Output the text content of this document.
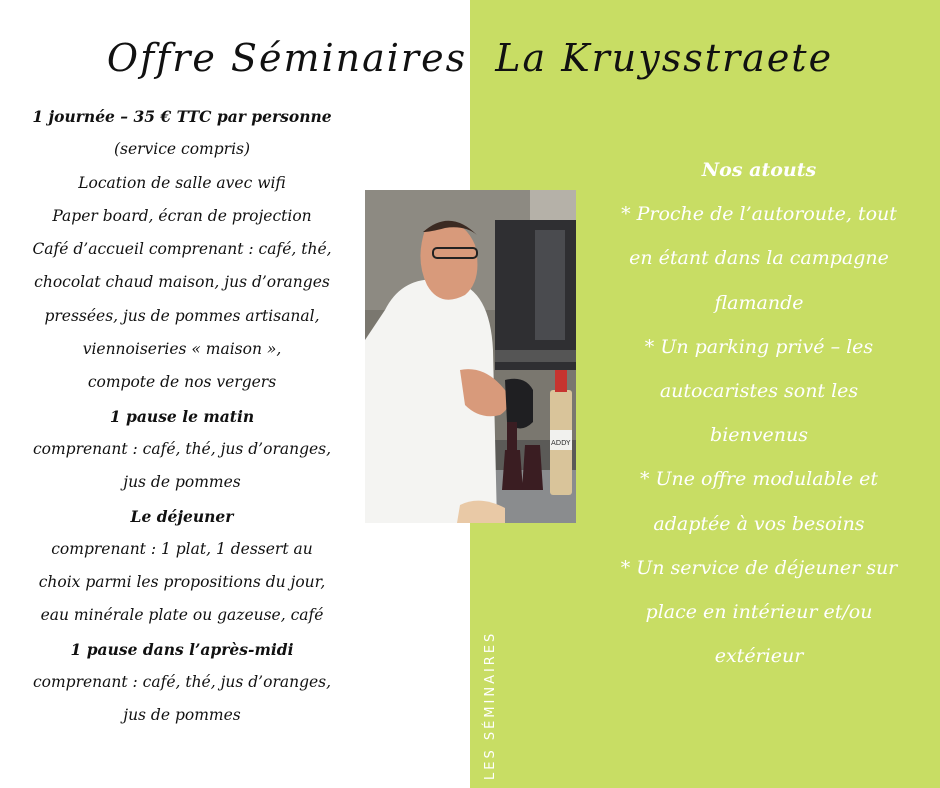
Offre Séminaires La Kruysstraete
1 journée – 35 € TTC par personne
(service compris)
Location de salle avec wifi
Paper board, écran de projection
Café d’accueil comprenant : café, thé,
chocolat chaud maison, jus d’oranges
pressées, jus de pommes artisanal,
viennoiseries « maison »,
compote de nos vergers
1 pause le matin
comprenant : café, thé, jus d’oranges,
jus de pommes
Le déjeuner
comprenant : 1 plat, 1 dessert au
choix parmi les propositions du jour,
eau minérale plate ou gazeuse, café
1 pause dans l’après-midi
comprenant : café, thé, jus d’oranges,
jus de pommes
ADDY
Nos atouts
* Proche de l’autoroute, tout
en étant dans la campagne
flamande
* Un parking privé – les
autocaristes sont les
bienvenus
* Une offre modulable et
adaptée à vos besoins
* Un service de déjeuner sur
place en intérieur et/ou
extérieur
LES SÉMINAIRES
